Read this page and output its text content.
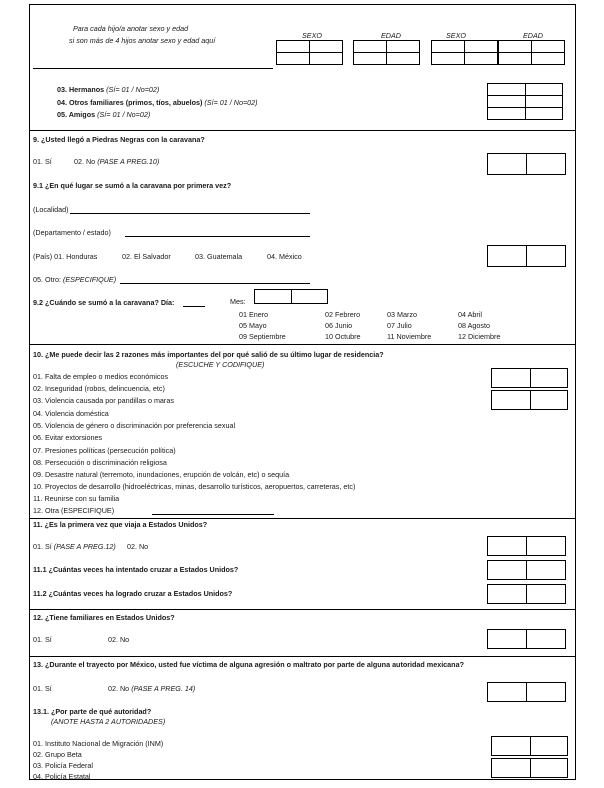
Para cada hijo/a anotar sexo y edad
si son más de 4 hijos anotar sexo y edad aquí
SEXO	EDAD	SEXO	EDAD
03. Hermanos (Sí= 01 / No=02)
04. Otros familiares (primos, tíos, abuelos) (Sí= 01 / No=02)
05. Amigos (Sí= 01 / No=02)
9. ¿Usted llegó a Piedras Negras con la caravana?
01. Sí	02. No (PASE A PREG.10)
9.1 ¿En qué lugar se sumó a la caravana por primera vez?
(Localidad)
(Departamento / estado)
(País) 01. Honduras	02. El Salvador	03. Guatemala	04. México
05. Otro: (ESPECIFIQUE)
9.2 ¿Cuándo se sumó a la caravana? Día:	Mes:
01 Enero	02 Febrero	03 Marzo	04 Abril
05 Mayo	06 Junio	07 Julio	08 Agosto
09 Septiembre	10 Octubre	11 Noviembre	12 Diciembre
10. ¿Me puede decir las 2 razones más importantes del por qué salió de su último lugar de residencia?
(ESCUCHE Y CODIFIQUE)
01. Falta de empleo o medios económicos
02. Inseguridad (robos, delincuencia, etc)
03. Violencia causada por pandillas o maras
04. Violencia doméstica
05. Violencia de género o discriminación por preferencia sexual
06. Evitar extorsiones
07. Presiones políticas (persecución política)
08. Persecución o discriminación religiosa
09. Desastre natural (terremoto, inundaciones, erupción de volcán, etc) o sequía
10. Proyectos de desarrollo (hidroeléctricas, minas, desarrollo turísticos, aeropuertos, carreteras, etc)
11. Reunirse con su familia
12. Otra (ESPECIFIQUE)
11. ¿Es la primera vez que viaja a Estados Unidos?
01. Sí (PASE A PREG.12) 02. No
11.1 ¿Cuántas veces ha intentado cruzar a Estados Unidos?
11.2 ¿Cuántas veces ha logrado cruzar a Estados Unidos?
12. ¿Tiene familiares en Estados Unidos?
01. Sí	02. No
13. ¿Durante el trayecto por México, usted fue víctima de alguna agresión o maltrato por parte de alguna autoridad mexicana?
01. Sí	02. No (PASE A PREG. 14)
13.1. ¿Por parte de qué autoridad?
(ANOTE HASTA 2 AUTORIDADES)
01. Instituto Nacional de Migración (INM)
02. Grupo Beta
03. Policía Federal
04. Policía Estatal
